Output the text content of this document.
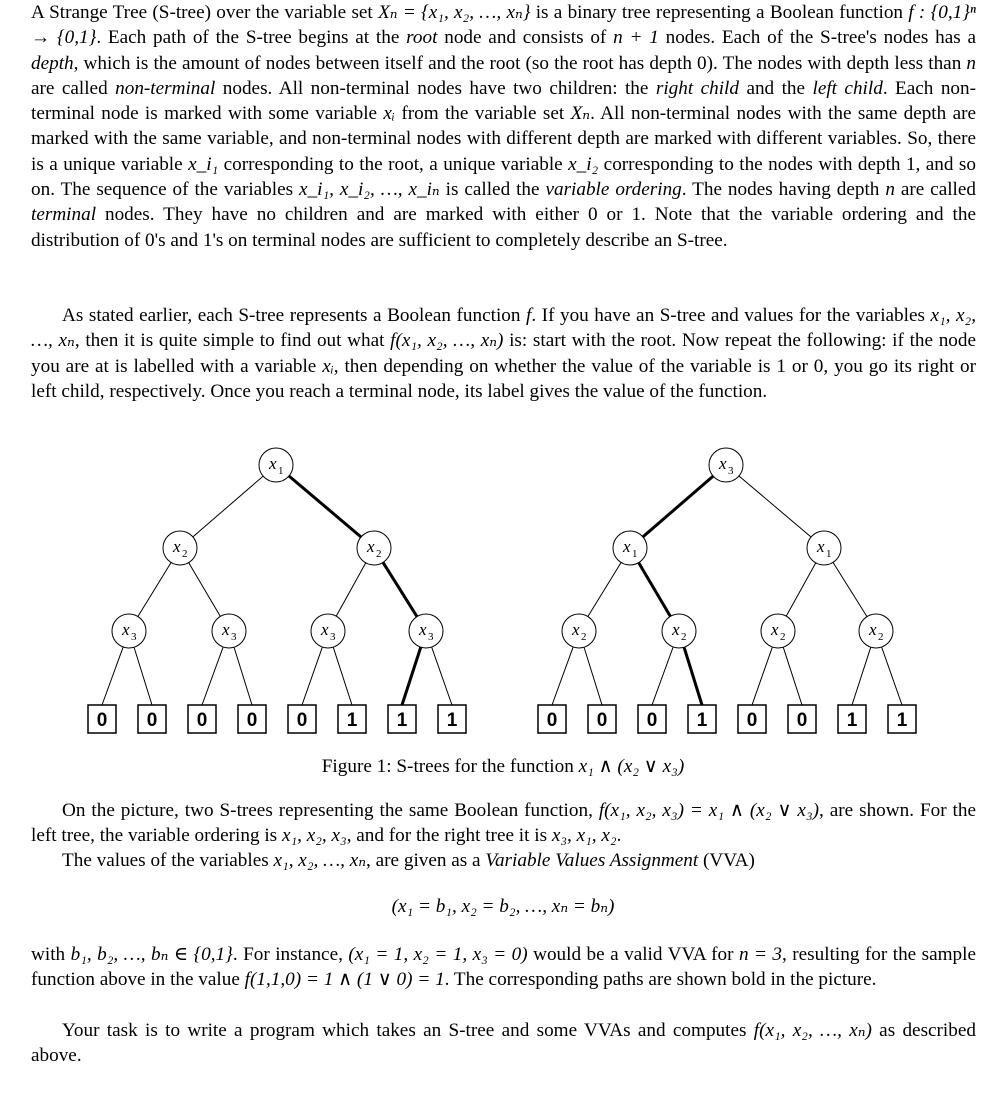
A Strange Tree (S-tree) over the variable set Xₙ = {x₁, x₂, …, xₙ} is a binary tree representing a Boolean function f : {0,1}ⁿ → {0,1}. Each path of the S-tree begins at the root node and consists of n + 1 nodes. Each of the S-tree's nodes has a depth, which is the amount of nodes between itself and the root (so the root has depth 0). The nodes with depth less than n are called non-terminal nodes. All non-terminal nodes have two children: the right child and the left child. Each non-terminal node is marked with some variable xᵢ from the variable set Xₙ. All non-terminal nodes with the same depth are marked with the same variable, and non-terminal nodes with different depth are marked with different variables. So, there is a unique variable x_i₁ corresponding to the root, a unique variable x_i₂ corresponding to the nodes with depth 1, and so on. The sequence of the variables x_i₁, x_i₂, …, x_iₙ is called the variable ordering. The nodes having depth n are called terminal nodes. They have no children and are marked with either 0 or 1. Note that the variable ordering and the distribution of 0's and 1's on terminal nodes are sufficient to completely describe an S-tree.
As stated earlier, each S-tree represents a Boolean function f. If you have an S-tree and values for the variables x₁, x₂, …, xₙ, then it is quite simple to find out what f(x₁, x₂, …, xₙ) is: start with the root. Now repeat the following: if the node you are at is labelled with a variable xᵢ, then depending on whether the value of the variable is 1 or 0, you go its right or left child, respectively. Once you reach a terminal node, its label gives the value of the function.
x 1
x 2	x 2
x 3	x 3	x 3	x 3
0 0 0 0 0 1 1 1
x 3
x 1	x 1
x 2	x 2	x 2	x 2
0 0 0 1 0 0 1 1
Figure 1: S-trees for the function x₁ ∧ (x₂ ∨ x₃)
On the picture, two S-trees representing the same Boolean function, f(x₁, x₂, x₃) = x₁ ∧ (x₂ ∨ x₃), are shown. For the left tree, the variable ordering is x₁, x₂, x₃, and for the right tree it is x₃, x₁, x₂.
The values of the variables x₁, x₂, …, xₙ, are given as a Variable Values Assignment (VVA)
(x₁ = b₁, x₂ = b₂, …, xₙ = bₙ)
with b₁, b₂, …, bₙ ∈ {0,1}. For instance, (x₁ = 1, x₂ = 1, x₃ = 0) would be a valid VVA for n = 3, resulting for the sample function above in the value f(1,1,0) = 1 ∧ (1 ∨ 0) = 1. The corresponding paths are shown bold in the picture.
Your task is to write a program which takes an S-tree and some VVAs and computes f(x₁, x₂, …, xₙ) as described above.
